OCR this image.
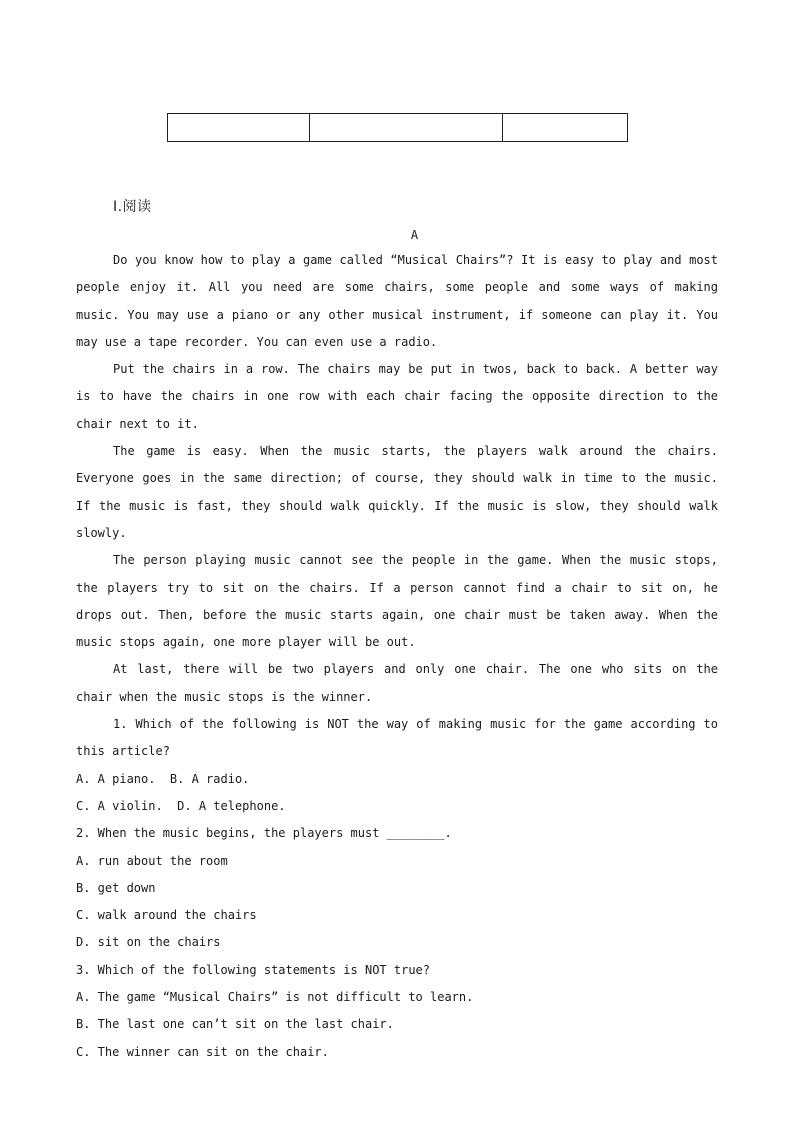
Ⅰ.阅读
A

Do you know how to play a game called “Musical Chairs”? It is easy to play and most people enjoy it. All you need are some chairs, some people and some ways of making music. You may use a piano or any other musical instrument, if someone can play it. You may use a tape recorder. You can even use a radio.

Put the chairs in a row. The chairs may be put in twos, back to back. A better way is to have the chairs in one row with each chair facing the opposite direction to the chair next to it.

The game is easy. When the music starts, the players walk around the chairs. Everyone goes in the same direction; of course, they should walk in time to the music. If the music is fast, they should walk quickly. If the music is slow, they should walk slowly.

The person playing music cannot see the people in the game. When the music stops, the players try to sit on the chairs. If a person cannot find a chair to sit on, he drops out. Then, before the music starts again, one chair must be taken away. When the music stops again, one more player will be out.

At last, there will be two players and only one chair. The one who sits on the chair when the music stops is the winner.

1. Which of the following is NOT the way of making music for the game according to this article?

A. A piano.  B. A radio.

C. A violin.  D. A telephone.

2. When the music begins, the players must ________.

A. run about the room

B. get down

C. walk around the chairs

D. sit on the chairs

3. Which of the following statements is NOT true?

A. The game “Musical Chairs” is not difficult to learn.

B. The last one can’t sit on the last chair.

C. The winner can sit on the chair.
